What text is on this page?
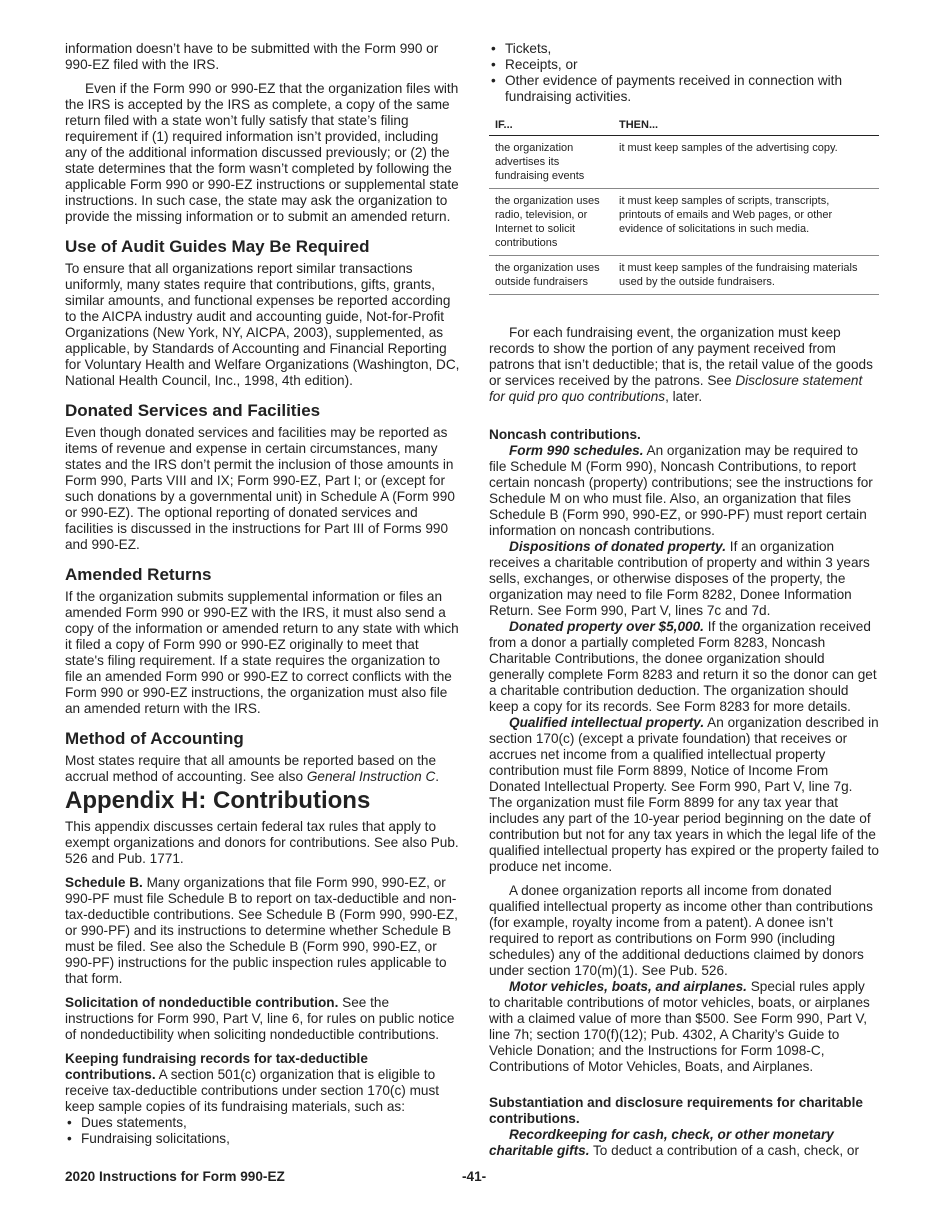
information doesn’t have to be submitted with the Form 990 or 990-EZ filed with the IRS.

Even if the Form 990 or 990-EZ that the organization files with the IRS is accepted by the IRS as complete, a copy of the same return filed with a state won’t fully satisfy that state’s filing requirement if (1) required information isn’t provided, including any of the additional information discussed previously; or (2) the state determines that the form wasn’t completed by following the applicable Form 990 or 990-EZ instructions or supplemental state instructions. In such case, the state may ask the organization to provide the missing information or to submit an amended return.

Use of Audit Guides May Be Required

To ensure that all organizations report similar transactions uniformly, many states require that contributions, gifts, grants, similar amounts, and functional expenses be reported according to the AICPA industry audit and accounting guide, Not-for-Profit Organizations (New York, NY, AICPA, 2003), supplemented, as applicable, by Standards of Accounting and Financial Reporting for Voluntary Health and Welfare Organizations (Washington, DC, National Health Council, Inc., 1998, 4th edition).

Donated Services and Facilities

Even though donated services and facilities may be reported as items of revenue and expense in certain circumstances, many states and the IRS don’t permit the inclusion of those amounts in Form 990, Parts VIII and IX; Form 990-EZ, Part I; or (except for such donations by a governmental unit) in Schedule A (Form 990 or 990-EZ). The optional reporting of donated services and facilities is discussed in the instructions for Part III of Forms 990 and 990-EZ.

Amended Returns

If the organization submits supplemental information or files an amended Form 990 or 990-EZ with the IRS, it must also send a copy of the information or amended return to any state with which it filed a copy of Form 990 or 990-EZ originally to meet that state's filing requirement. If a state requires the organization to file an amended Form 990 or 990-EZ to correct conflicts with the Form 990 or 990-EZ instructions, the organization must also file an amended return with the IRS.

Method of Accounting

Most states require that all amounts be reported based on the accrual method of accounting. See also General Instruction C.

Appendix H: Contributions

This appendix discusses certain federal tax rules that apply to exempt organizations and donors for contributions. See also Pub. 526 and Pub. 1771.

Schedule B. Many organizations that file Form 990, 990-EZ, or 990-PF must file Schedule B to report on tax-deductible and non-tax-deductible contributions. See Schedule B (Form 990, 990-EZ, or 990-PF) and its instructions to determine whether Schedule B must be filed. See also the Schedule B (Form 990, 990-EZ, or 990-PF) instructions for the public inspection rules applicable to that form.

Solicitation of nondeductible contribution. See the instructions for Form 990, Part V, line 6, for rules on public notice of nondeductibility when soliciting nondeductible contributions.

Keeping fundraising records for tax-deductible contributions. A section 501(c) organization that is eligible to receive tax-deductible contributions under section 170(c) must keep sample copies of its fundraising materials, such as:

• Dues statements,
• Fundraising solicitations,
• Tickets,
• Receipts, or
• Other evidence of payments received in connection with fundraising activities.
IF...	THEN...
the organization advertises its fundraising events	it must keep samples of the advertising copy.
the organization uses radio, television, or Internet to solicit contributions	it must keep samples of scripts, transcripts, printouts of emails and Web pages, or other evidence of solicitations in such media.
the organization uses outside fundraisers	it must keep samples of the fundraising materials used by the outside fundraisers.

For each fundraising event, the organization must keep records to show the portion of any payment received from patrons that isn’t deductible; that is, the retail value of the goods or services received by the patrons. See Disclosure statement for quid pro quo contributions, later.

Noncash contributions.

Form 990 schedules. An organization may be required to file Schedule M (Form 990), Noncash Contributions, to report certain noncash (property) contributions; see the instructions for Schedule M on who must file. Also, an organization that files Schedule B (Form 990, 990-EZ, or 990-PF) must report certain information on noncash contributions.

Dispositions of donated property. If an organization receives a charitable contribution of property and within 3 years sells, exchanges, or otherwise disposes of the property, the organization may need to file Form 8282, Donee Information Return. See Form 990, Part V, lines 7c and 7d.

Donated property over $5,000. If the organization received from a donor a partially completed Form 8283, Noncash Charitable Contributions, the donee organization should generally complete Form 8283 and return it so the donor can get a charitable contribution deduction. The organization should keep a copy for its records. See Form 8283 for more details.

Qualified intellectual property. An organization described in section 170(c) (except a private foundation) that receives or accrues net income from a qualified intellectual property contribution must file Form 8899, Notice of Income From Donated Intellectual Property. See Form 990, Part V, line 7g. The organization must file Form 8899 for any tax year that includes any part of the 10-year period beginning on the date of contribution but not for any tax years in which the legal life of the qualified intellectual property has expired or the property failed to produce net income.

A donee organization reports all income from donated qualified intellectual property as income other than contributions (for example, royalty income from a patent). A donee isn’t required to report as contributions on Form 990 (including schedules) any of the additional deductions claimed by donors under section 170(m)(1). See Pub. 526.

Motor vehicles, boats, and airplanes. Special rules apply to charitable contributions of motor vehicles, boats, or airplanes with a claimed value of more than $500. See Form 990, Part V, line 7h; section 170(f)(12); Pub. 4302, A Charity’s Guide to Vehicle Donation; and the Instructions for Form 1098-C, Contributions of Motor Vehicles, Boats, and Airplanes.

Substantiation and disclosure requirements for charitable contributions.

Recordkeeping for cash, check, or other monetary charitable gifts. To deduct a contribution of a cash, check, or

2020 Instructions for Form 990-EZ	-41-
